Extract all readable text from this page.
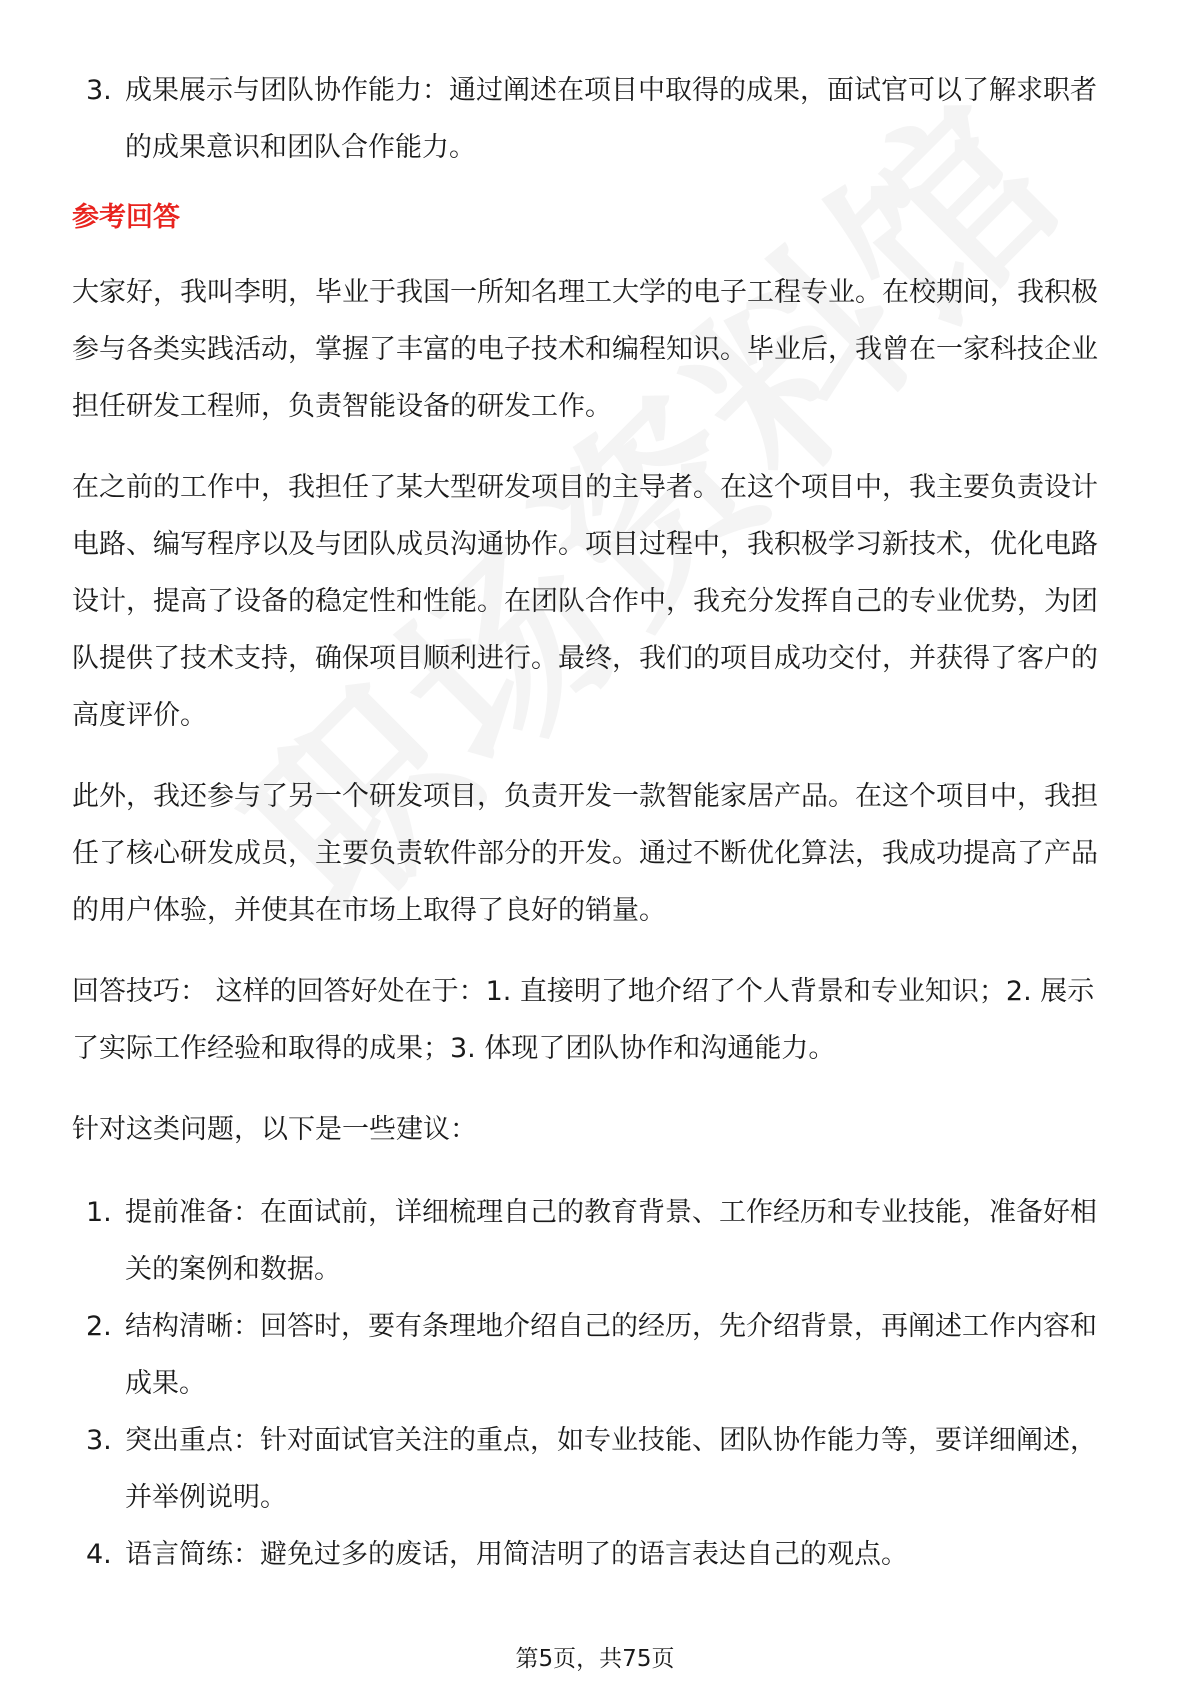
3. 成果展示与团队协作能力：通过阐述在项目中取得的成果，面试官可以了解求职者的成果意识和团队合作能力。
参考回答

大家好，我叫李明，毕业于我国一所知名理工大学的电子工程专业。在校期间，我积极参与各类实践活动，掌握了丰富的电子技术和编程知识。毕业后，我曾在一家科技企业担任研发工程师，负责智能设备的研发工作。

在之前的工作中，我担任了某大型研发项目的主导者。在这个项目中，我主要负责设计电路、编写程序以及与团队成员沟通协作。项目过程中，我积极学习新技术，优化电路设计，提高了设备的稳定性和性能。在团队合作中，我充分发挥自己的专业优势，为团队提供了技术支持，确保项目顺利进行。最终，我们的项目成功交付，并获得了客户的高度评价。

此外，我还参与了另一个研发项目，负责开发一款智能家居产品。在这个项目中，我担任了核心研发成员，主要负责软件部分的开发。通过不断优化算法，我成功提高了产品的用户体验，并使其在市场上取得了良好的销量。

回答技巧： 这样的回答好处在于：1. 直接明了地介绍了个人背景和专业知识；2. 展示了实际工作经验和取得的成果；3. 体现了团队协作和沟通能力。

针对这类问题，以下是一些建议：

1. 提前准备：在面试前，详细梳理自己的教育背景、工作经历和专业技能，准备好相关的案例和数据。
2. 结构清晰：回答时，要有条理地介绍自己的经历，先介绍背景，再阐述工作内容和成果。
3. 突出重点：针对面试官关注的重点，如专业技能、团队协作能力等，要详细阐述，并举例说明。
4. 语言简练：避免过多的废话，用简洁明了的语言表达自己的观点。
第5页，共75页
